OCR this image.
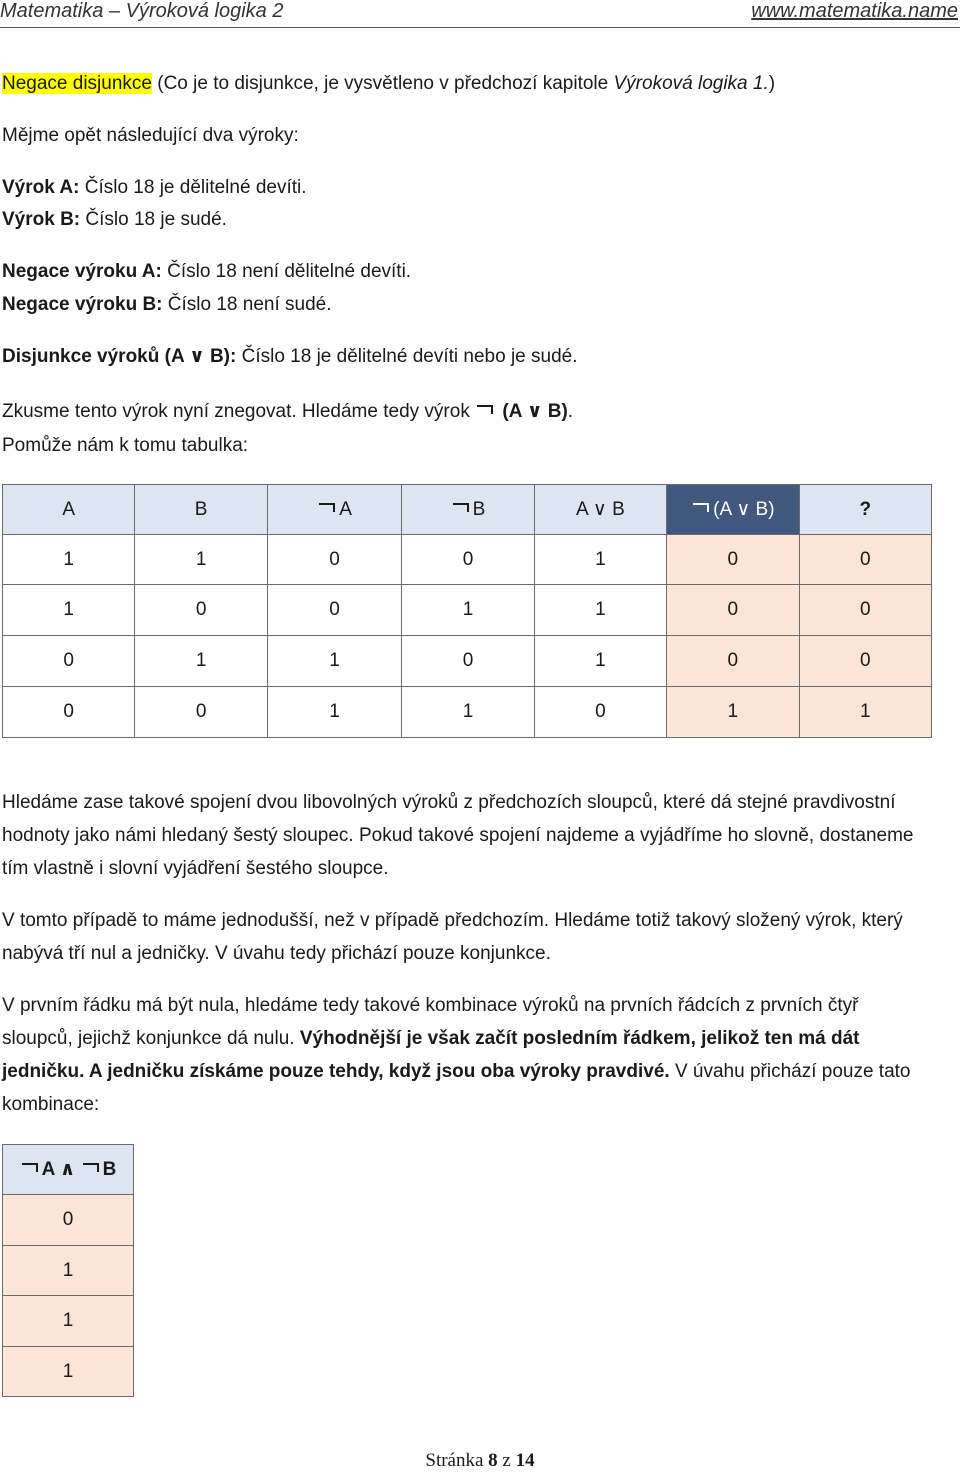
Matematika – Výroková logika 2	www.matematika.name
Negace disjunkce (Co je to disjunkce, je vysvětleno v předchozí kapitole Výroková logika 1.)
Mějme opět následující dva výroky:
Výrok A: Číslo 18 je dělitelné devíti.
Výrok B: Číslo 18 je sudé.
Negace výroku A: Číslo 18 není dělitelné devíti.
Negace výroku B: Číslo 18 není sudé.
Disjunkce výroků (A ∨ B): Číslo 18 je dělitelné devíti nebo je sudé.
Zkusme tento výrok nyní znegovat. Hledáme tedy výrok  (A ∨ B).
Pomůže nám k tomu tabulka:
A	B	A	B	A ∨ B	(A ∨ B)	?
1	1	0	0	1	0	0
1	0	0	1	1	0	0
0	1	1	0	1	0	0
0	0	1	1	0	1	1
Hledáme zase takové spojení dvou libovolných výroků z předchozích sloupců, které dá stejné pravdivostní hodnoty jako námi hledaný šestý sloupec. Pokud takové spojení najdeme a vyjádříme ho slovně, dostaneme tím vlastně i slovní vyjádření šestého sloupce.
V tomto případě to máme jednodušší, než v případě předchozím. Hledáme totiž takový složený výrok, který nabývá tří nul a jedničky. V úvahu tedy přichází pouze konjunkce.
V prvním řádku má být nula, hledáme tedy takové kombinace výroků na prvních řádcích z prvních čtyř sloupců, jejichž konjunkce dá nulu. Výhodnější je však začít posledním řádkem, jelikož ten má dát jedničku. A jedničku získáme pouze tehdy, když jsou oba výroky pravdivé. V úvahu přichází pouze tato kombinace:
A ∧ B
0
1
1
1
Stránka 8 z 14
